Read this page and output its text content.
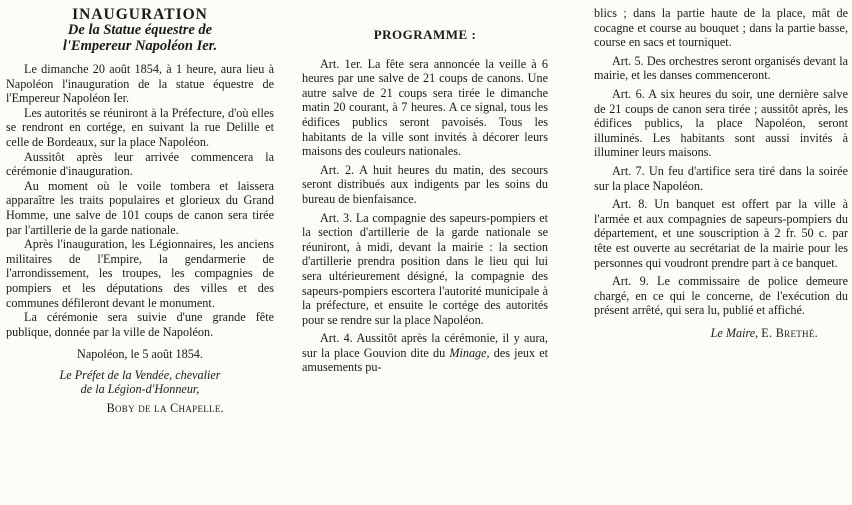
INAUGURATION

De la Statue équestre de

l'Empereur Napoléon Ier.

Le dimanche 20 août 1854, à 1 heure, aura lieu à Napoléon l'inauguration de la statue équestre de l'Empereur Napoléon Ier.

Les autorités se réuniront à la Préfecture, d'où elles se rendront en cortége, en suivant la rue Delille et celle de Bordeaux, sur la place Napoléon.

Aussitôt après leur arrivée commencera la cérémonie d'inauguration.

Au moment où le voile tombera et laissera apparaître les traits populaires et glorieux du Grand Homme, une salve de 101 coups de canon sera tirée par l'artillerie de la garde nationale.

Après l'inauguration, les Légionnaires, les anciens militaires de l'Empire, la gendarmerie de l'arrondissement, les troupes, les compagnies de pompiers et les députations des villes et des communes défileront devant le monument.

La cérémonie sera suivie d'une grande fête publique, donnée par la ville de Napoléon.

Napoléon, le 5 août 1854.

Le Préfet de la Vendée, chevalier

de la Légion-d'Honneur,

Boby de la Chapelle.

PROGRAMME :

Art. 1er. La fête sera annoncée la veille à 6 heures par une salve de 21 coups de canons. Une autre salve de 21 coups sera tirée le dimanche matin 20 courant, à 7 heures. A ce signal, tous les édifices publics seront pavoisés. Tous les habitants de la ville sont invités à décorer leurs maisons des couleurs nationales.

Art. 2. A huit heures du matin, des secours seront distribués aux indigents par les soins du bureau de bienfaisance.

Art. 3. La compagnie des sapeurs-pompiers et la section d'artillerie de la garde nationale se réuniront, à midi, devant la mairie : la section d'artillerie prendra position dans le lieu qui lui sera ultérieurement désigné, la compagnie des sapeurs-pompiers escortera l'autorité municipale à la préfecture, et ensuite le cortége des autorités pour se rendre sur la place Napoléon.

Art. 4. Aussitôt après la cérémonie, il y aura, sur la place Gouvion dite du Minage, des jeux et amusements pu-

blics ; dans la partie haute de la place, mât de cocagne et course au bouquet ; dans la partie basse, course en sacs et tourniquet.

Art. 5. Des orchestres seront organisés devant la mairie, et les danses commenceront.

Art. 6. A six heures du soir, une dernière salve de 21 coups de canon sera tirée ; aussitôt après, les édifices publics, la place Napoléon, seront illuminés. Les habitants sont aussi invités à illuminer leurs maisons.

Art. 7. Un feu d'artifice sera tiré dans la soirée sur la place Napoléon.

Art. 8. Un banquet est offert par la ville à l'armée et aux compagnies de sapeurs-pompiers du département, et une souscription à 2 fr. 50 c. par tête est ouverte au secrétariat de la mairie pour les personnes qui voudront prendre part à ce banquet.

Art. 9. Le commissaire de police demeure chargé, en ce qui le concerne, de l'exécution du présent arrêté, qui sera lu, publié et affiché.

Le Maire, E. Brethé.
